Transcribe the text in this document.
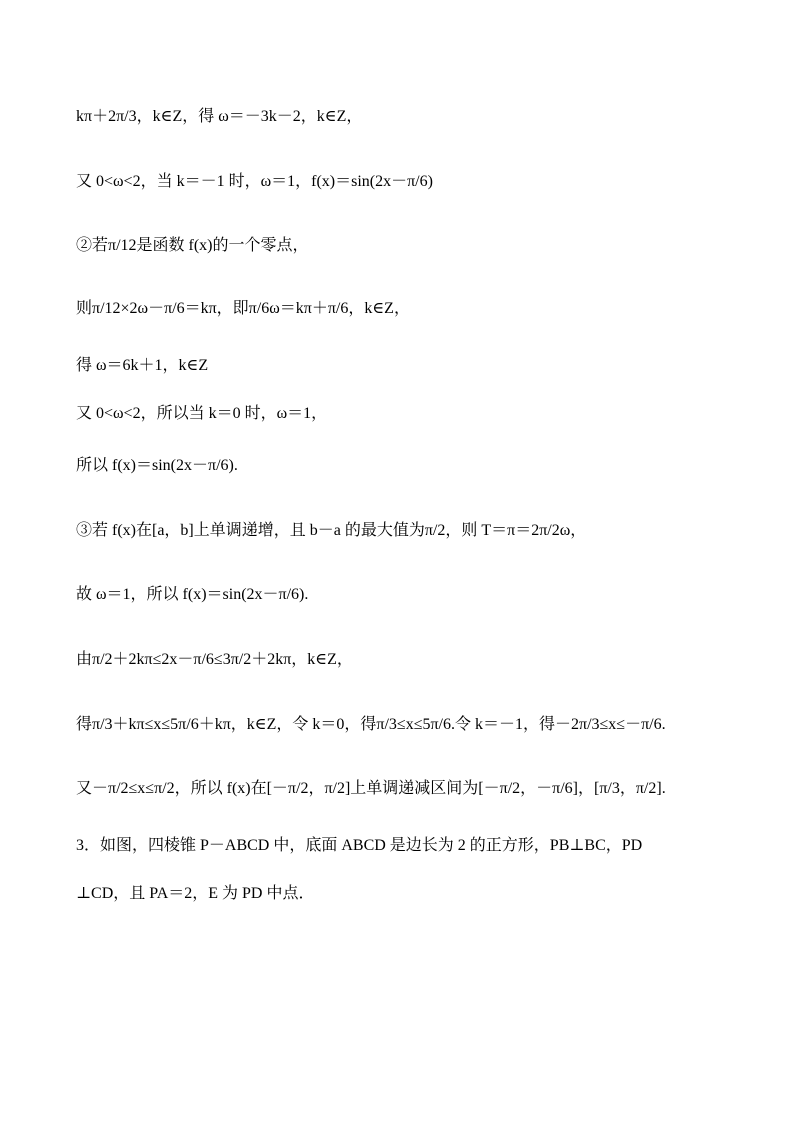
kπ＋2π/3，k∈Z，得 ω＝－3k－2，k∈Z，
又 0<ω<2，当 k＝－1 时，ω＝1，f(x)＝sin(2x－π/6)
②若π/12是函数 f(x)的一个零点，
则π/12×2ω－π/6＝kπ，即π/6ω＝kπ＋π/6，k∈Z，
得 ω＝6k＋1，k∈Z
又 0<ω<2，所以当 k＝0 时，ω＝1，
所以 f(x)＝sin(2x－π/6).
③若 f(x)在[a，b]上单调递增，且 b－a 的最大值为π/2，则 T＝π＝2π/2ω，
故 ω＝1，所以 f(x)＝sin(2x－π/6).
由π/2＋2kπ≤2x－π/6≤3π/2＋2kπ，k∈Z，
得π/3＋kπ≤x≤5π/6＋kπ，k∈Z，令 k＝0，得π/3≤x≤5π/6.令 k＝－1，得－2π/3≤x≤－π/6.
又－π/2≤x≤π/2，所以 f(x)在[－π/2，π/2]上单调递减区间为[－π/2，－π/6]，[π/3，π/2].
3．如图，四棱锥 P－ABCD 中，底面 ABCD 是边长为 2 的正方形，PB⊥BC，PD
⊥CD，且 PA＝2，E 为 PD 中点．
